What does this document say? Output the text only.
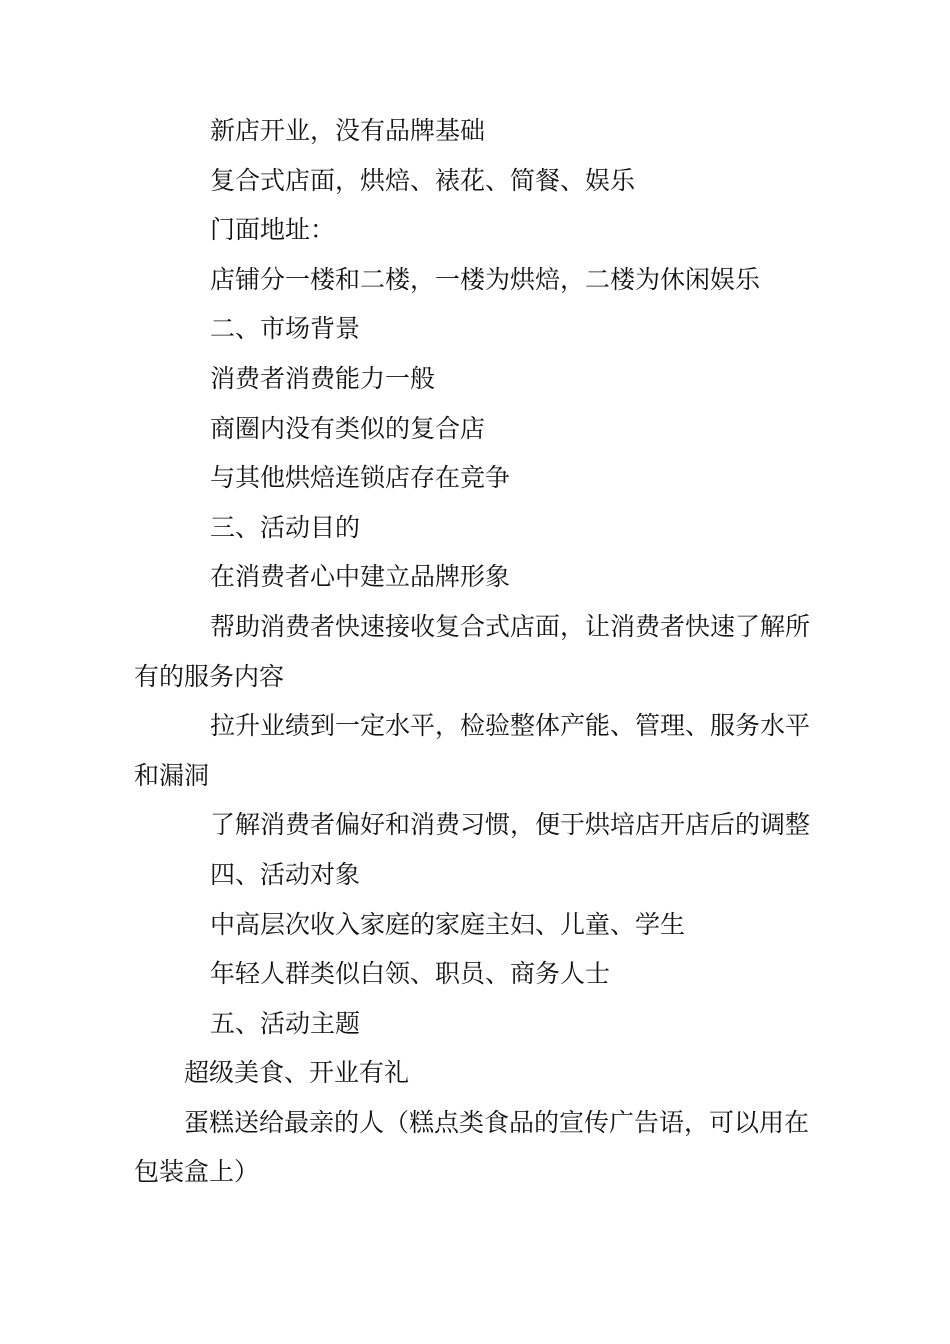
新店开业，没有品牌基础

复合式店面，烘焙、裱花、简餐、娱乐

门面地址：

店铺分一楼和二楼，一楼为烘焙，二楼为休闲娱乐

二、市场背景

消费者消费能力一般

商圈内没有类似的复合店

与其他烘焙连锁店存在竞争

三、活动目的

在消费者心中建立品牌形象

帮助消费者快速接收复合式店面，让消费者快速了解所有的服务内容

拉升业绩到一定水平，检验整体产能、管理、服务水平和漏洞

了解消费者偏好和消费习惯，便于烘培店开店后的调整

四、活动对象

中高层次收入家庭的家庭主妇、儿童、学生

年轻人群类似白领、职员、商务人士

五、活动主题

超级美食、开业有礼

蛋糕送给最亲的人（糕点类食品的宣传广告语，可以用在包装盒上）
